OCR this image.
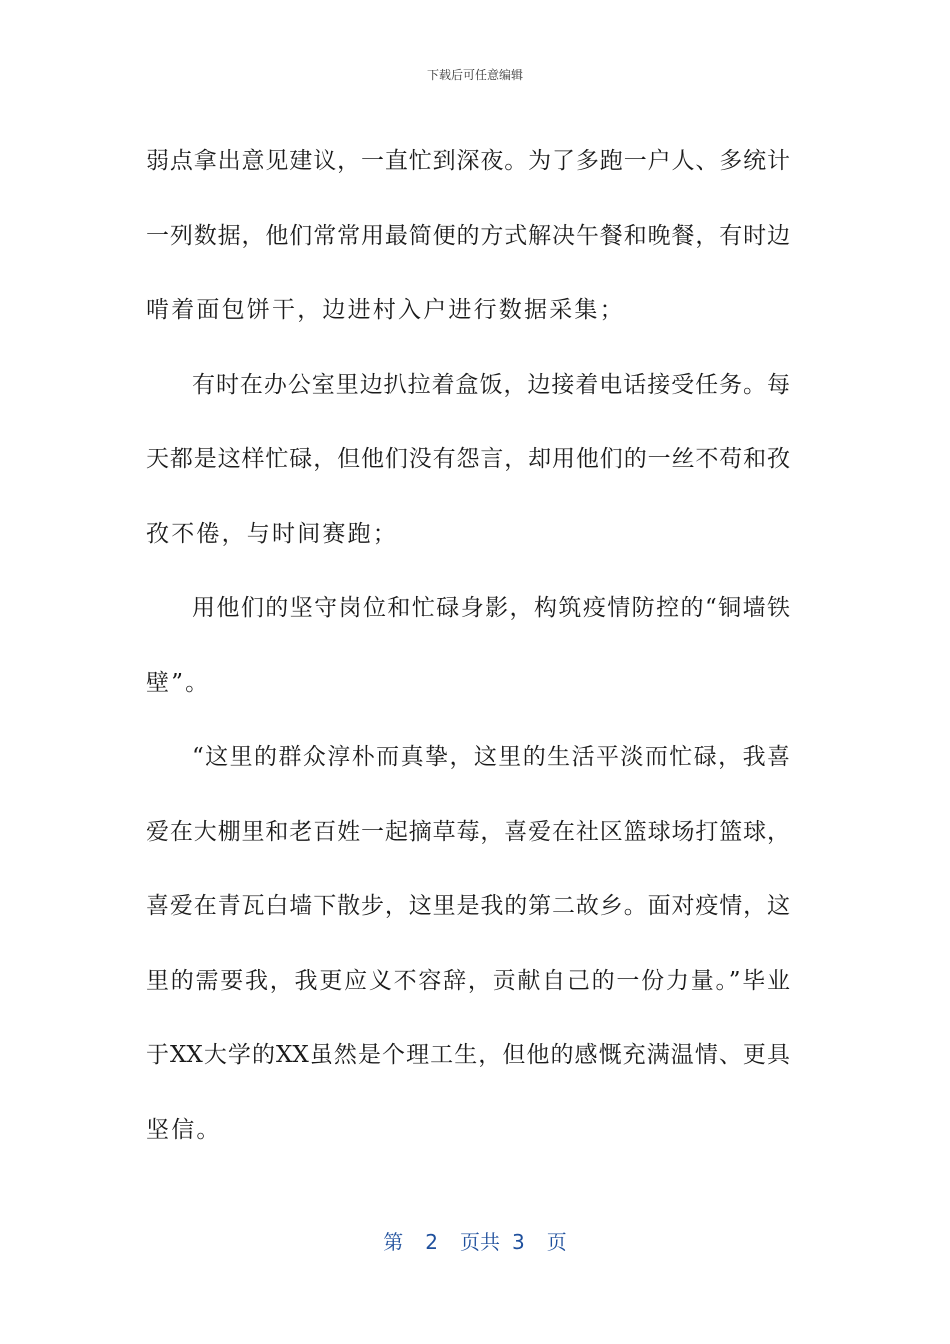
下载后可任意编辑
弱点拿出意见建议，一直忙到深夜。为了多跑一户人、多统计
一列数据，他们常常用最简便的方式解决午餐和晚餐，有时边
啃着面包饼干，边进村入户进行数据采集；
有时在办公室里边扒拉着盒饭，边接着电话接受任务。每
天都是这样忙碌，但他们没有怨言，却用他们的一丝不苟和孜
孜不倦，与时间赛跑；
用他们的坚守岗位和忙碌身影，构筑疫情防控的“铜墙铁
壁”。
“这里的群众淳朴而真挚，这里的生活平淡而忙碌，我喜
爱在大棚里和老百姓一起摘草莓，喜爱在社区篮球场打篮球，
喜爱在青瓦白墙下散步，这里是我的第二故乡。面对疫情，这
里的需要我，我更应义不容辞，贡献自己的一份力量。”毕业
于XX大学的XX虽然是个理工生，但他的感慨充满温情、更具
坚信。
第 2 页共 3 页
